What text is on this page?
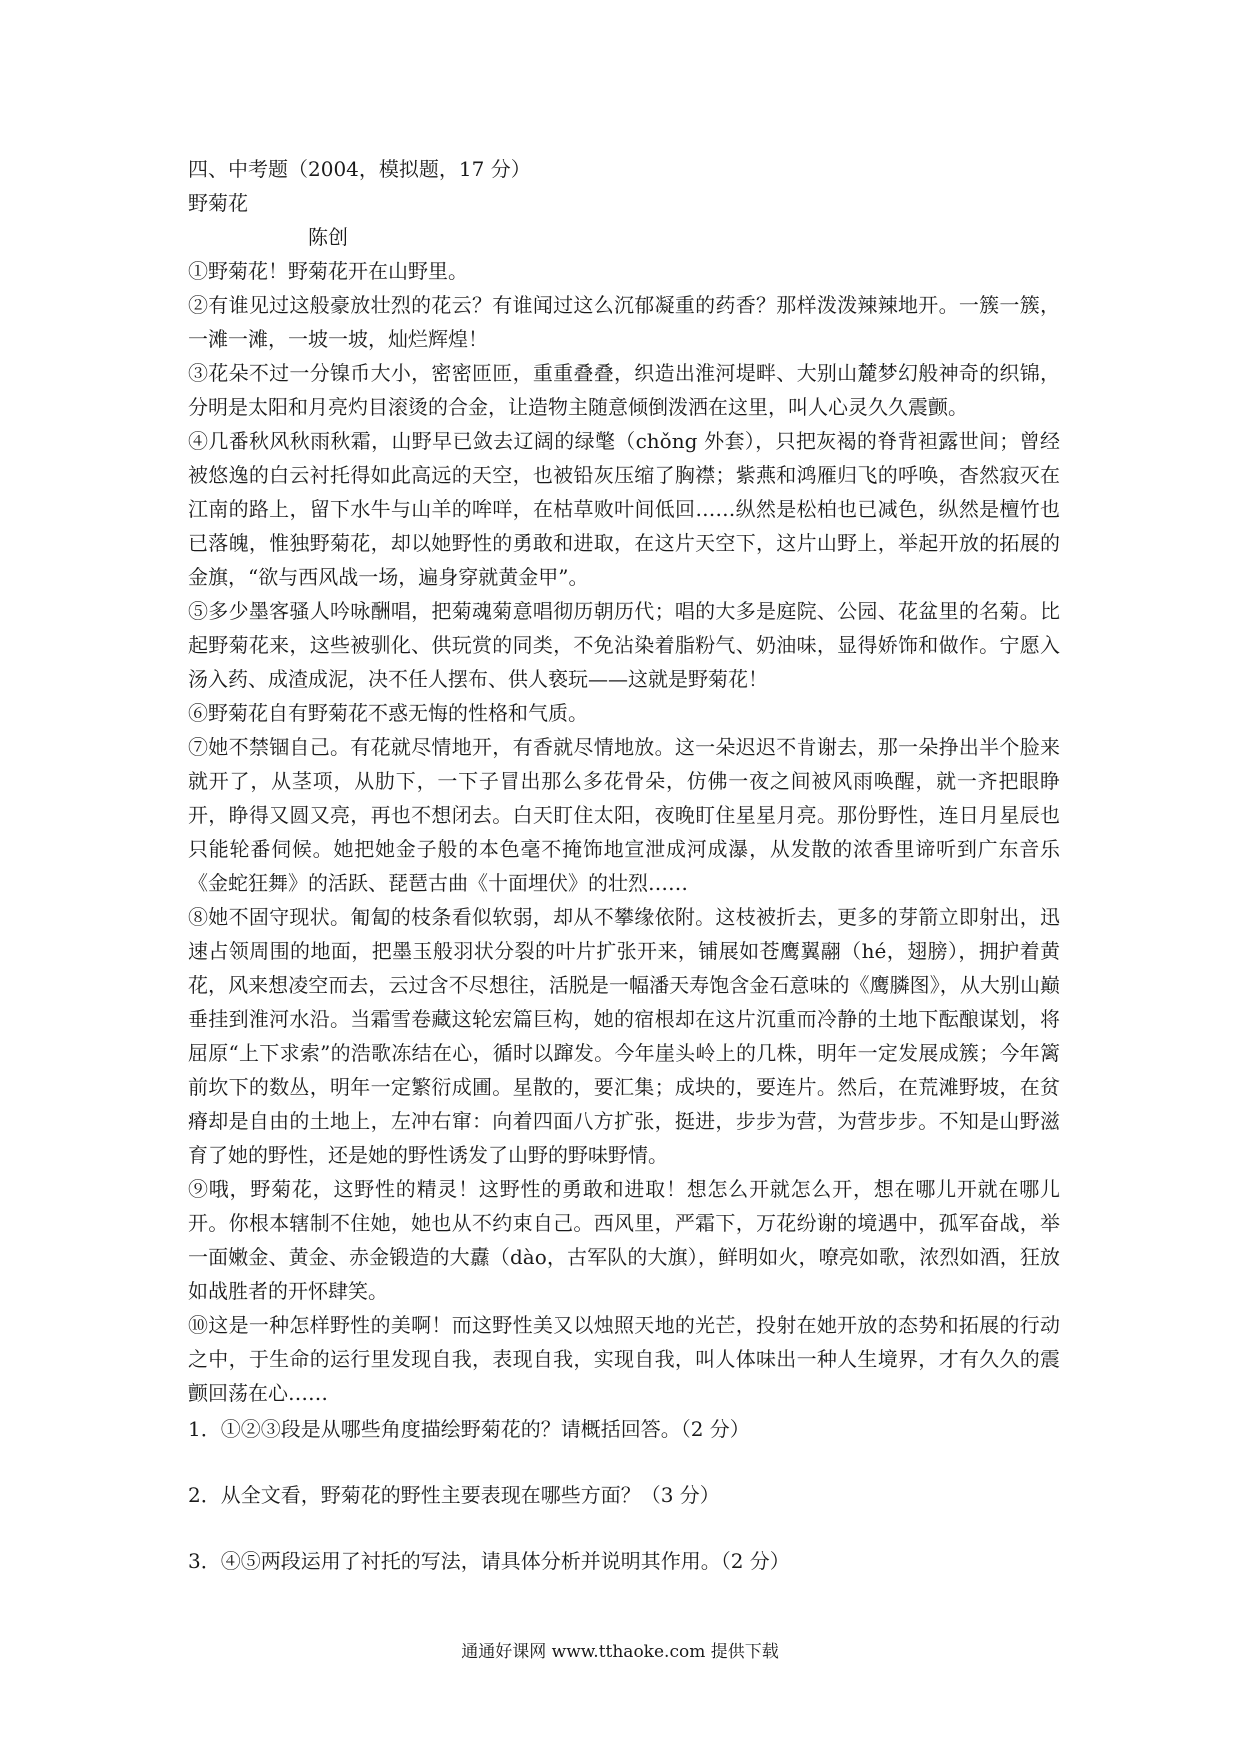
四、中考题（2004，模拟题，17 分）

野菊花

陈创

①野菊花！野菊花开在山野里。

②有谁见过这般豪放壮烈的花云？有谁闻过这么沉郁凝重的药香？那样泼泼辣辣地开。一簇一簇，一滩一滩，一坡一坡，灿烂辉煌！

③花朵不过一分镍币大小，密密匝匝，重重叠叠，织造出淮河堤畔、大别山麓梦幻般神奇的织锦，分明是太阳和月亮灼目滚烫的合金，让造物主随意倾倒泼洒在这里，叫人心灵久久震颤。

④几番秋风秋雨秋霜，山野早已敛去辽阔的绿氅（chǒng 外套），只把灰褐的脊背袒露世间；曾经被悠逸的白云衬托得如此高远的天空，也被铅灰压缩了胸襟；紫燕和鸿雁归飞的呼唤，杳然寂灭在江南的路上，留下水牛与山羊的哞咩，在枯草败叶间低回……纵然是松柏也已减色，纵然是檀竹也已落魄，惟独野菊花，却以她野性的勇敢和进取，在这片天空下，这片山野上，举起开放的拓展的金旗，“欲与西风战一场，遍身穿就黄金甲”。

⑤多少墨客骚人吟咏酬唱，把菊魂菊意唱彻历朝历代；唱的大多是庭院、公园、花盆里的名菊。比起野菊花来，这些被驯化、供玩赏的同类，不免沾染着脂粉气、奶油味，显得娇饰和做作。宁愿入汤入药、成渣成泥，决不任人摆布、供人亵玩——这就是野菊花！

⑥野菊花自有野菊花不惑无悔的性格和气质。

⑦她不禁锢自己。有花就尽情地开，有香就尽情地放。这一朵迟迟不肯谢去，那一朵挣出半个脸来就开了，从茎项，从肋下，一下子冒出那么多花骨朵，仿佛一夜之间被风雨唤醒，就一齐把眼睁开，睁得又圆又亮，再也不想闭去。白天盯住太阳，夜晚盯住星星月亮。那份野性，连日月星辰也只能轮番伺候。她把她金子般的本色毫不掩饰地宣泄成河成瀑，从发散的浓香里谛听到广东音乐《金蛇狂舞》的活跃、琵琶古曲《十面埋伏》的壮烈……

⑧她不固守现状。匍匐的枝条看似软弱，却从不攀缘依附。这枝被折去，更多的芽箭立即射出，迅速占领周围的地面，把墨玉般羽状分裂的叶片扩张开来，铺展如苍鹰翼翮（hé，翅膀），拥护着黄花，风来想凌空而去，云过含不尽想往，活脱是一幅潘天寿饱含金石意味的《鹰膦图》，从大别山巅垂挂到淮河水沿。当霜雪卷藏这轮宏篇巨构，她的宿根却在这片沉重而冷静的土地下酝酿谋划，将屈原“上下求索”的浩歌冻结在心，循时以蹿发。今年崖头岭上的几株，明年一定发展成簇；今年篱前坎下的数丛，明年一定繁衍成圃。星散的，要汇集；成块的，要连片。然后，在荒滩野坡，在贫瘠却是自由的土地上，左冲右窜：向着四面八方扩张，挺进，步步为营，为营步步。不知是山野滋育了她的野性，还是她的野性诱发了山野的野味野情。

⑨哦，野菊花，这野性的精灵！这野性的勇敢和进取！想怎么开就怎么开，想在哪儿开就在哪儿开。你根本辖制不住她，她也从不约束自己。西风里，严霜下，万花纷谢的境遇中，孤军奋战，举一面嫩金、黄金、赤金锻造的大纛（dào，古军队的大旗），鲜明如火，嘹亮如歌，浓烈如酒，狂放如战胜者的开怀肆笑。

⑩这是一种怎样野性的美啊！而这野性美又以烛照天地的光芒，投射在她开放的态势和拓展的行动之中，于生命的运行里发现自我，表现自我，实现自我，叫人体味出一种人生境界，才有久久的震颤回荡在心……

1．①②③段是从哪些角度描绘野菊花的？请概括回答。（2 分）

2．从全文看，野菊花的野性主要表现在哪些方面？（3 分）

3．④⑤两段运用了衬托的写法，请具体分析并说明其作用。（2 分）

通通好课网 www.tthaoke.com 提供下载
